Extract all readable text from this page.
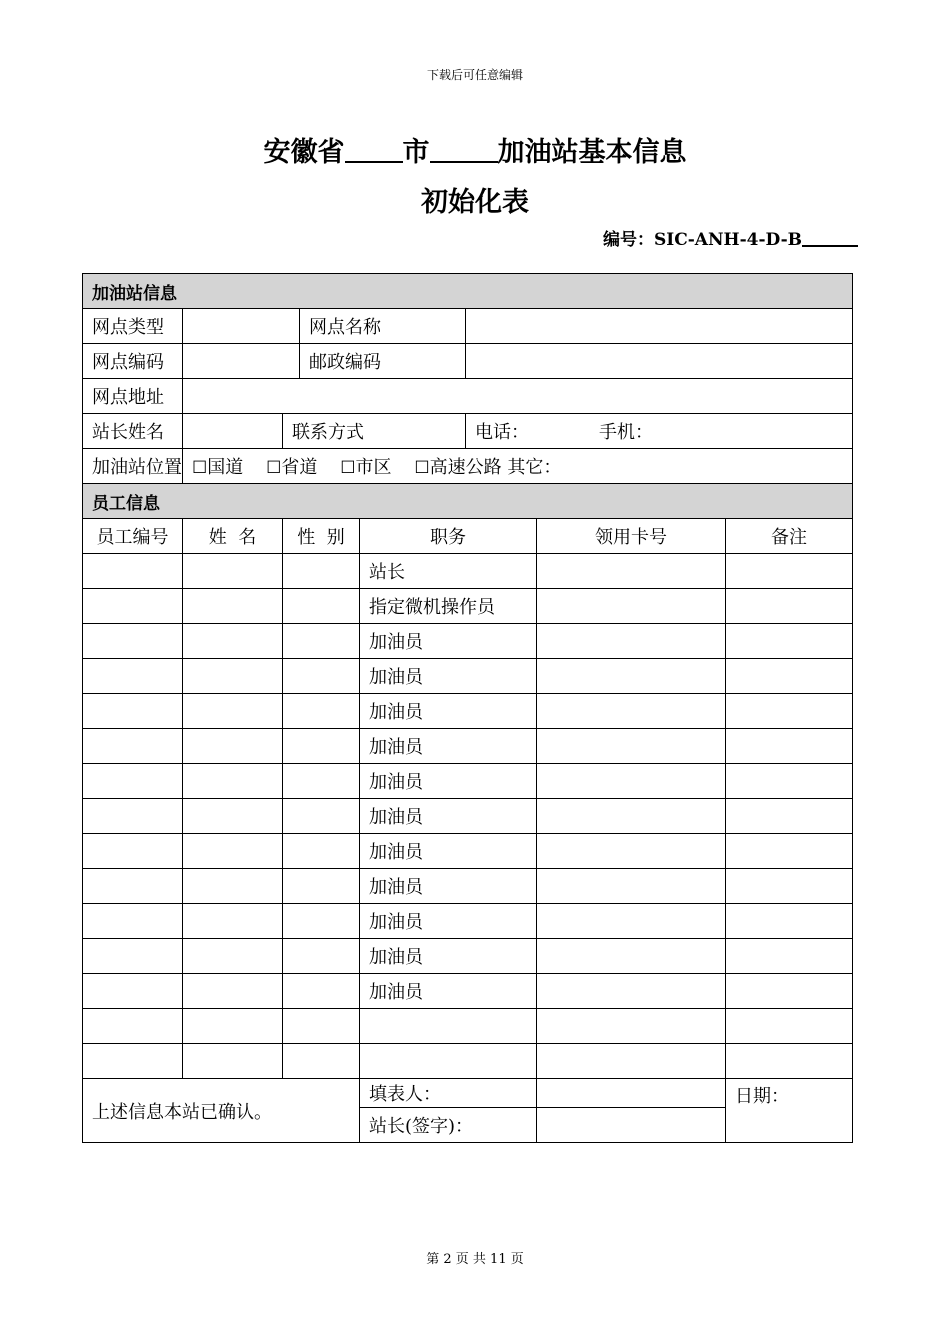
下载后可任意编辑
安徽省 市	加油站基本信息
初始化表
编号：SIC-ANH-4-D-B
加油站信息							
网点类型			网点名称				
网点编码			邮政编码				
网点地址							
站长姓名		联系方式			电话： 手机：		
加油站位置	☐国道 ☐省道 ☐市区 ☐高速公路 其它：						
员工信息							
员工编号	姓  名	性  别		职务		领用卡号	备注
				站长			
				指定微机操作员			
				加油员			
				加油员			
				加油员			
				加油员			
				加油员			
				加油员			
				加油员			
				加油员			
				加油员			
				加油员			
				加油员			

上述信息本站已确认。				填表人：			日期：
				站长(签字)：			
第 2 页 共 11 页
